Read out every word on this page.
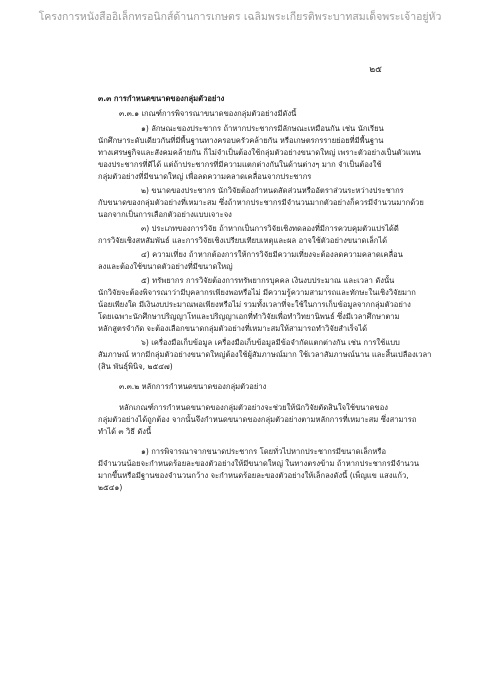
โครงการหนังสืออิเล็กทรอนิกส์ด้านการเกษตร เฉลิมพระเกียรติพระบาทสมเด็จพระเจ้าอยู่หัว
๒๕
๓.๓ การกำหนดขนาดของกลุ่มตัวอย่าง
๓.๓.๑ เกณฑ์การพิจารณาขนาดของกลุ่มตัวอย่างมีดังนี้
๑) ลักษณะของประชากร ถ้าหากประชากรมีลักษณะเหมือนกัน เช่น นักเรียน
นักศึกษาระดับเดียวกันที่มีพื้นฐานทางครอบครัวคล้ายกัน หรือเกษตรกรรายย่อยที่มีพื้นฐาน
ทางเศรษฐกิจและสังคมคล้ายกัน ก็ไม่จำเป็นต้องใช้กลุ่มตัวอย่างขนาดใหญ่ เพราะตัวอย่างเป็นตัวแทน
ของประชากรที่ดีได้ แต่ถ้าประชากรที่มีความแตกต่างกันในด้านต่างๆ มาก จำเป็นต้องใช้
กลุ่มตัวอย่างที่มีขนาดใหญ่ เพื่อลดความคลาดเคลื่อนจากประชากร
๒) ขนาดของประชากร นักวิจัยต้องกำหนดสัดส่วนหรืออัตราส่วนระหว่างประชากร
กับขนาดของกลุ่มตัวอย่างที่เหมาะสม ซึ่งถ้าหากประชากรมีจำนวนมากตัวอย่างก็ควรมีจำนวนมากด้วย
นอกจากเป็นการเลือกตัวอย่างแบบเจาะจง
๓) ประเภทของการวิจัย ถ้าหากเป็นการวิจัยเชิงทดลองที่มีการควบคุมตัวแปรได้ดี
การวิจัยเชิงสหสัมพันธ์ และการวิจัยเชิงเปรียบเทียบเหตุและผล อาจใช้ตัวอย่างขนาดเล็กได้
๔) ความเที่ยง ถ้าหากต้องการให้การวิจัยมีความเที่ยงจะต้องลดความคลาดเคลื่อน
ลงและต้องใช้ขนาดตัวอย่างที่มีขนาดใหญ่
๕) ทรัพยากร การวิจัยต้องการทรัพยากรบุคคล เงินงบประมาณ และเวลา ดังนั้น
นักวิจัยจะต้องพิจารณาว่ามีบุคลากรเพียงพอหรือไม่ มีความรู้ความสามารถและทักษะในเชิงวิจัยมาก
น้อยเพียงใด มีเงินงบประมาณพอเพียงหรือไม่ รวมทั้งเวลาที่จะใช้ในการเก็บข้อมูลจากกลุ่มตัวอย่าง
โดยเฉพาะนักศึกษาปริญญาโทและปริญญาเอกที่ทำวิจัยเพื่อทำวิทยานิพนธ์ ซึ่งมีเวลาศึกษาตาม
หลักสูตรจำกัด จะต้องเลือกขนาดกลุ่มตัวอย่างที่เหมาะสมให้สามารถทำวิจัยสำเร็จได้
๖) เครื่องมือเก็บข้อมูล เครื่องมือเก็บข้อมูลมีข้อจำกัดแตกต่างกัน เช่น การใช้แบบ
สัมภาษณ์ หากมีกลุ่มตัวอย่างขนาดใหญ่ต้องใช้ผู้สัมภาษณ์มาก ใช้เวลาสัมภาษณ์นาน และสิ้นเปลืองเวลา
(สิน พันธุ์พินิจ, ๒๕๔๗)
๓.๓.๒ หลักการกำหนดขนาดของกลุ่มตัวอย่าง
หลักเกณฑ์การกำหนดขนาดของกลุ่มตัวอย่างจะช่วยให้นักวิจัยตัดสินใจใช้ขนาดของ
กลุ่มตัวอย่างได้ถูกต้อง จากนั้นจึงกำหนดขนาดของกลุ่มตัวอย่างตามหลักการที่เหมาะสม ซึ่งสามารถ
ทำได้ ๓ วิธี ดังนี้
๑) การพิจารณาจากขนาดประชากร โดยทั่วไปหากประชากรมีขนาดเล็กหรือ
มีจำนวนน้อยจะกำหนดร้อยละของตัวอย่างให้มีขนาดใหญ่ ในทางตรงข้าม ถ้าหากประชากรมีจำนวน
มากขึ้นหรือมีฐานของจำนวนกว้าง จะกำหนดร้อยละของตัวอย่างให้เล็กลงดังนี้ (เพ็ญแข แสงแก้ว,
๒๕๔๑)
